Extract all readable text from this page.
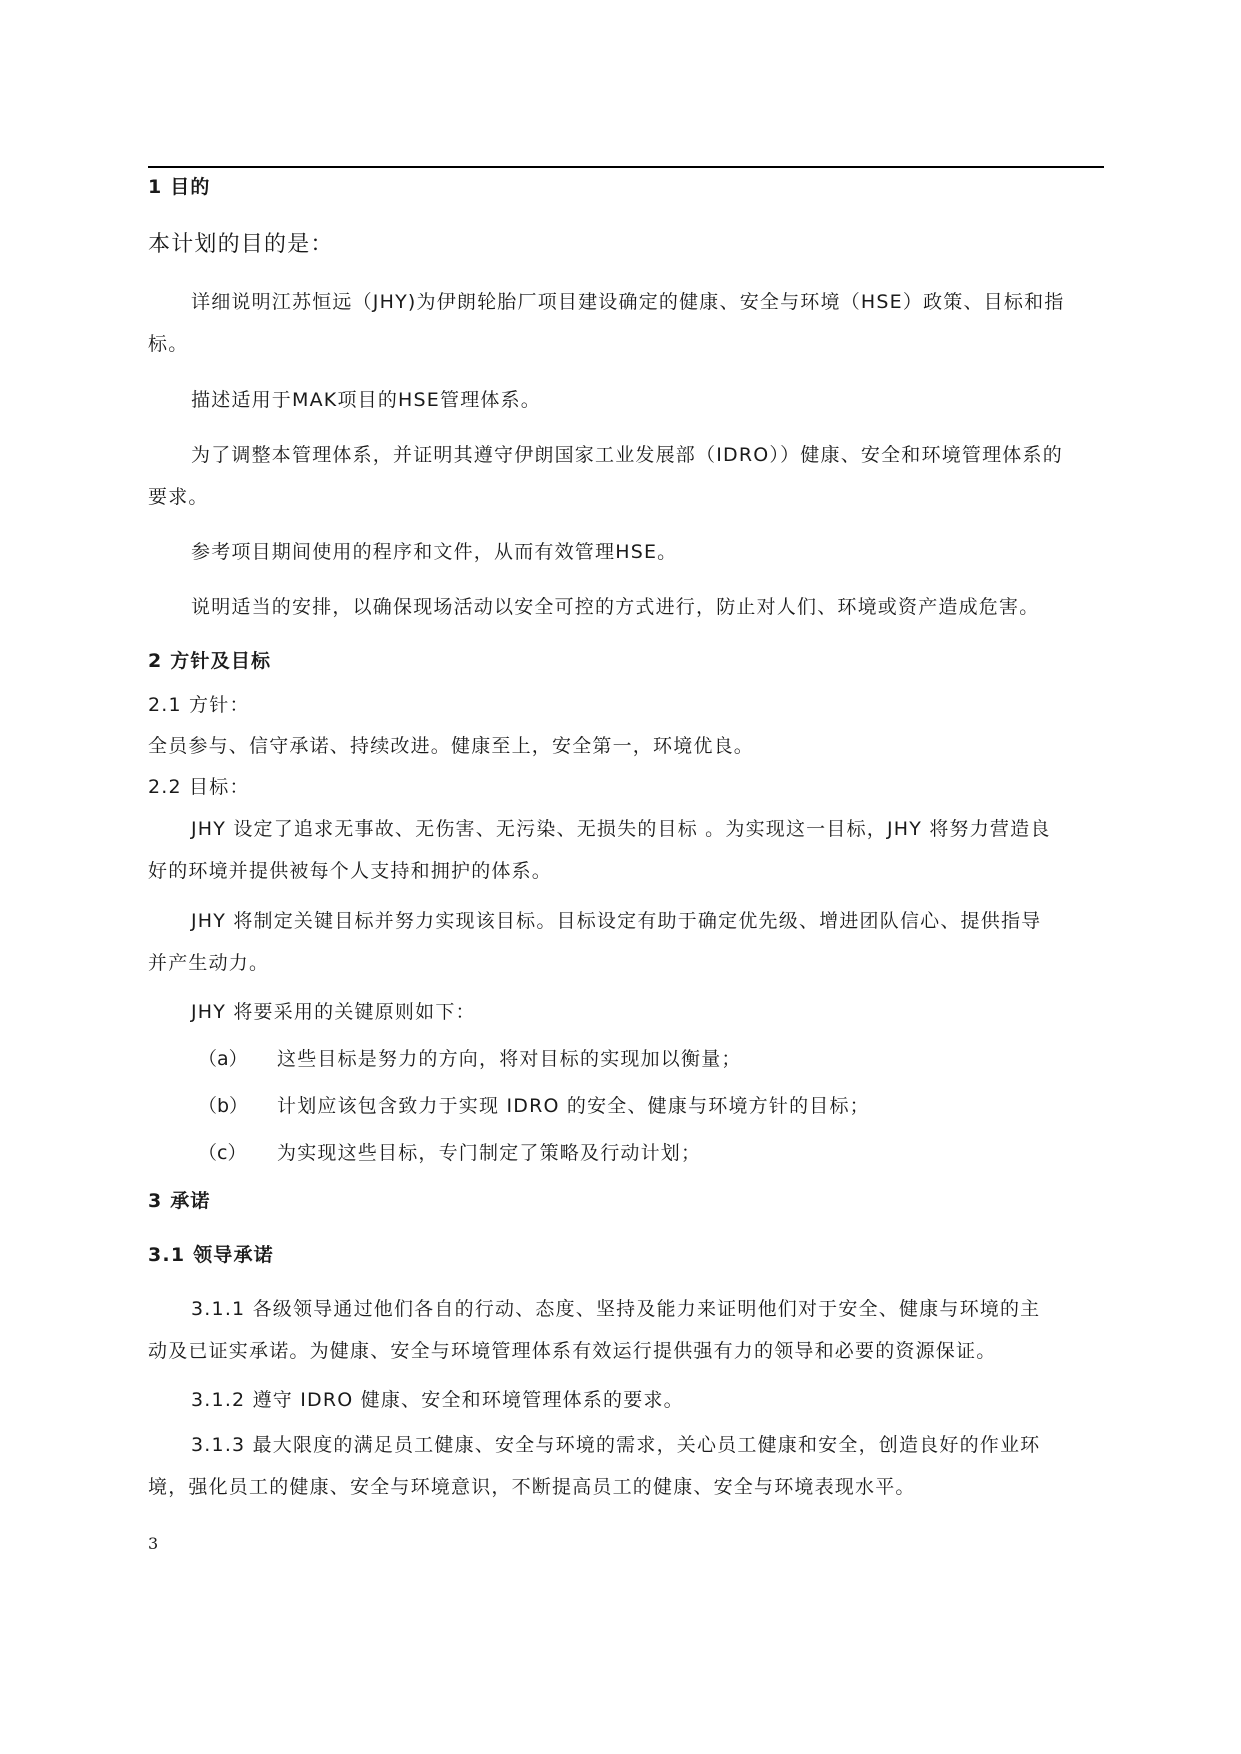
1 目的
本计划的目的是：
详细说明江苏恒远（JHY)为伊朗轮胎厂项目建设确定的健康、安全与环境（HSE）政策、目标和指
标。
描述适用于MAK项目的HSE管理体系。
为了调整本管理体系，并证明其遵守伊朗国家工业发展部（IDRO））健康、安全和环境管理体系的
要求。
参考项目期间使用的程序和文件，从而有效管理HSE。
说明适当的安排，以确保现场活动以安全可控的方式进行，防止对人们、环境或资产造成危害。
2 方针及目标
2.1 方针：
全员参与、信守承诺、持续改进。健康至上，安全第一，环境优良。
2.2 目标：
JHY 设定了追求无事故、无伤害、无污染、无损失的目标 。为实现这一目标，JHY 将努力营造良
好的环境并提供被每个人支持和拥护的体系。
JHY 将制定关键目标并努力实现该目标。目标设定有助于确定优先级、增进团队信心、提供指导
并产生动力。
JHY 将要采用的关键原则如下：
（a） 这些目标是努力的方向，将对目标的实现加以衡量；
（b） 计划应该包含致力于实现 IDRO 的安全、健康与环境方针的目标；
（c） 为实现这些目标，专门制定了策略及行动计划；
3 承诺
3.1 领导承诺
3.1.1 各级领导通过他们各自的行动、态度、坚持及能力来证明他们对于安全、健康与环境的主
动及已证实承诺。为健康、安全与环境管理体系有效运行提供强有力的领导和必要的资源保证。
3.1.2 遵守 IDRO 健康、安全和环境管理体系的要求。
3.1.3 最大限度的满足员工健康、安全与环境的需求，关心员工健康和安全，创造良好的作业环
境，强化员工的健康、安全与环境意识，不断提高员工的健康、安全与环境表现水平。
3
